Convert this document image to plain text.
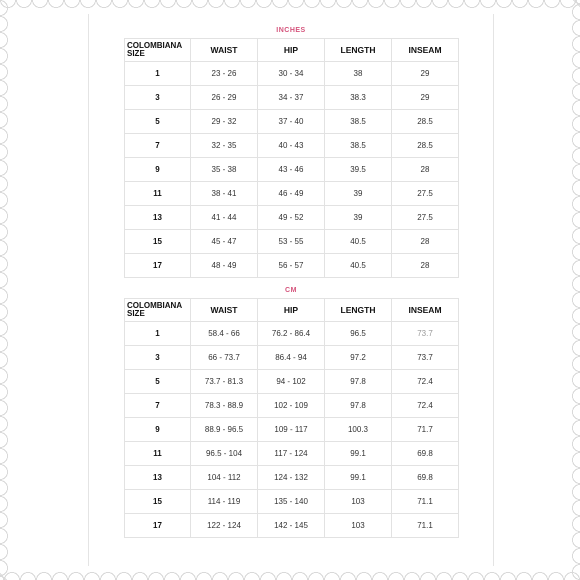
INCHES
COLOMBIANA SIZE	WAIST	HIP	LENGTH	INSEAM
1	23 - 26	30 - 34	38	29
3	26 - 29	34 - 37	38.3	29
5	29 - 32	37 - 40	38.5	28.5
7	32 - 35	40 - 43	38.5	28.5
9	35 - 38	43 - 46	39.5	28
11	38 - 41	46 - 49	39	27.5
13	41 - 44	49 - 52	39	27.5
15	45 - 47	53 - 55	40.5	28
17	48 - 49	56 - 57	40.5	28
CM
COLOMBIANA SIZE	WAIST	HIP	LENGTH	INSEAM
1	58.4 - 66	76.2 - 86.4	96.5	73.7
3	66 - 73.7	86.4 - 94	97.2	73.7
5	73.7 - 81.3	94 - 102	97.8	72.4
7	78.3 - 88.9	102 - 109	97.8	72.4
9	88.9 - 96.5	109 - 117	100.3	71.7
11	96.5 - 104	117 - 124	99.1	69.8
13	104 - 112	124 - 132	99.1	69.8
15	114 - 119	135 - 140	103	71.1
17	122 - 124	142 - 145	103	71.1
